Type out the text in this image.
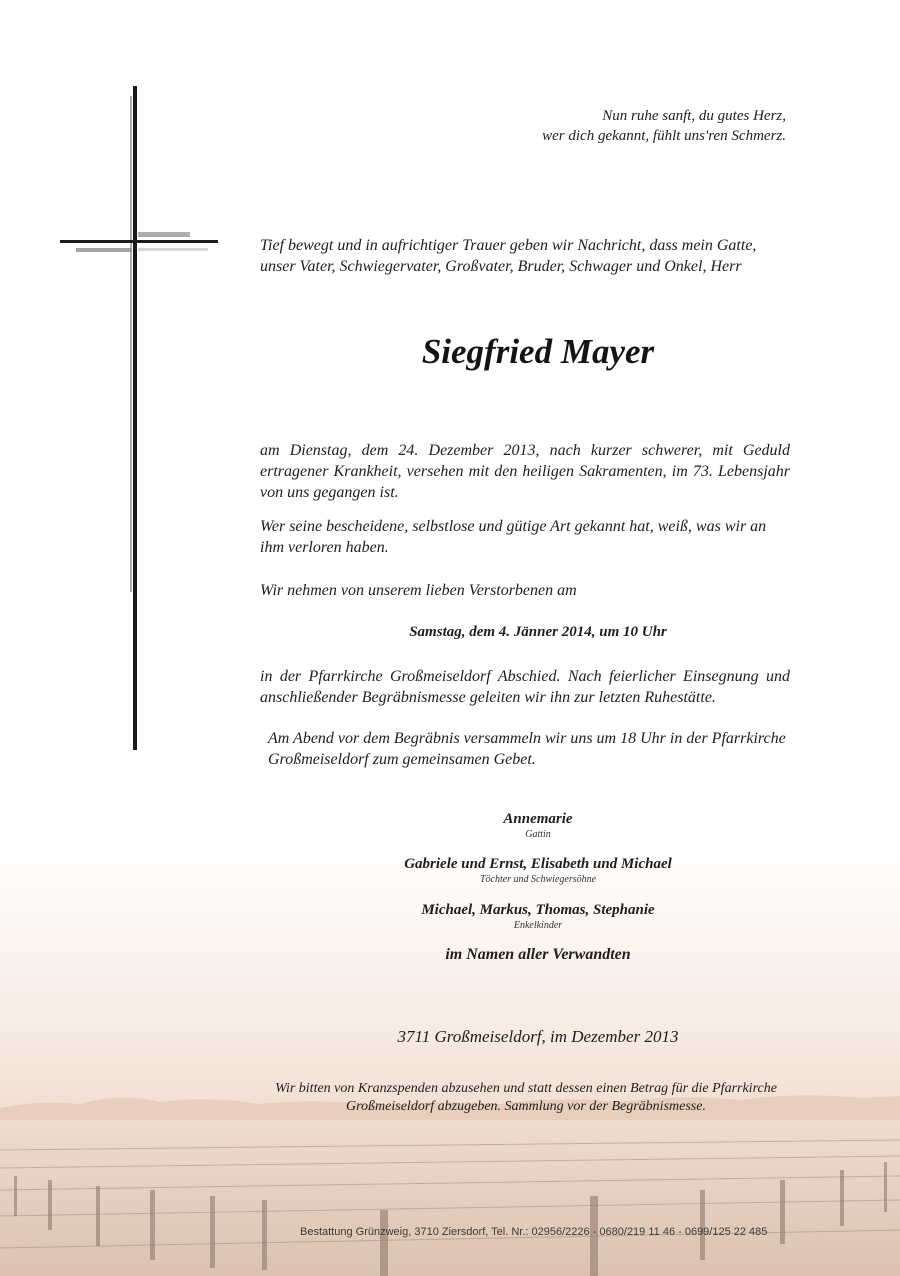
Nun ruhe sanft, du gutes Herz,
wer dich gekannt, fühlt uns'ren Schmerz.
Tief bewegt und in aufrichtiger Trauer geben wir Nachricht, dass mein Gatte, unser Vater, Schwiegervater, Großvater, Bruder, Schwager und Onkel, Herr
Siegfried Mayer
am Dienstag, dem 24. Dezember 2013, nach kurzer schwerer, mit Geduld ertragener Krankheit, versehen mit den heiligen Sakramenten, im 73. Lebensjahr von uns gegangen ist.
Wer seine bescheidene, selbstlose und gütige Art gekannt hat, weiß, was wir an ihm verloren haben.
Wir nehmen von unserem lieben Verstorbenen am
Samstag, dem 4. Jänner 2014, um 10 Uhr
in der Pfarrkirche Großmeiseldorf Abschied. Nach feierlicher Einsegnung und anschließender Begräbnismesse geleiten wir ihn zur letzten Ruhestätte.
Am Abend vor dem Begräbnis versammeln wir uns um 18 Uhr in der Pfarrkirche Großmeiseldorf zum gemeinsamen Gebet.
Annemarie
Gattin
Gabriele und Ernst, Elisabeth und Michael
Töchter und Schwiegersöhne
Michael, Markus, Thomas, Stephanie
Enkelkinder
im Namen aller Verwandten
3711 Großmeiseldorf, im Dezember 2013
Wir bitten von Kranzspenden abzusehen und statt dessen einen Betrag für die Pfarrkirche Großmeiseldorf abzugeben. Sammlung vor der Begräbnismesse.
Bestattung Grünzweig, 3710 Ziersdorf, Tel. Nr.: 02956/2226 - 0680/219 11 46 - 0699/125 22 485
